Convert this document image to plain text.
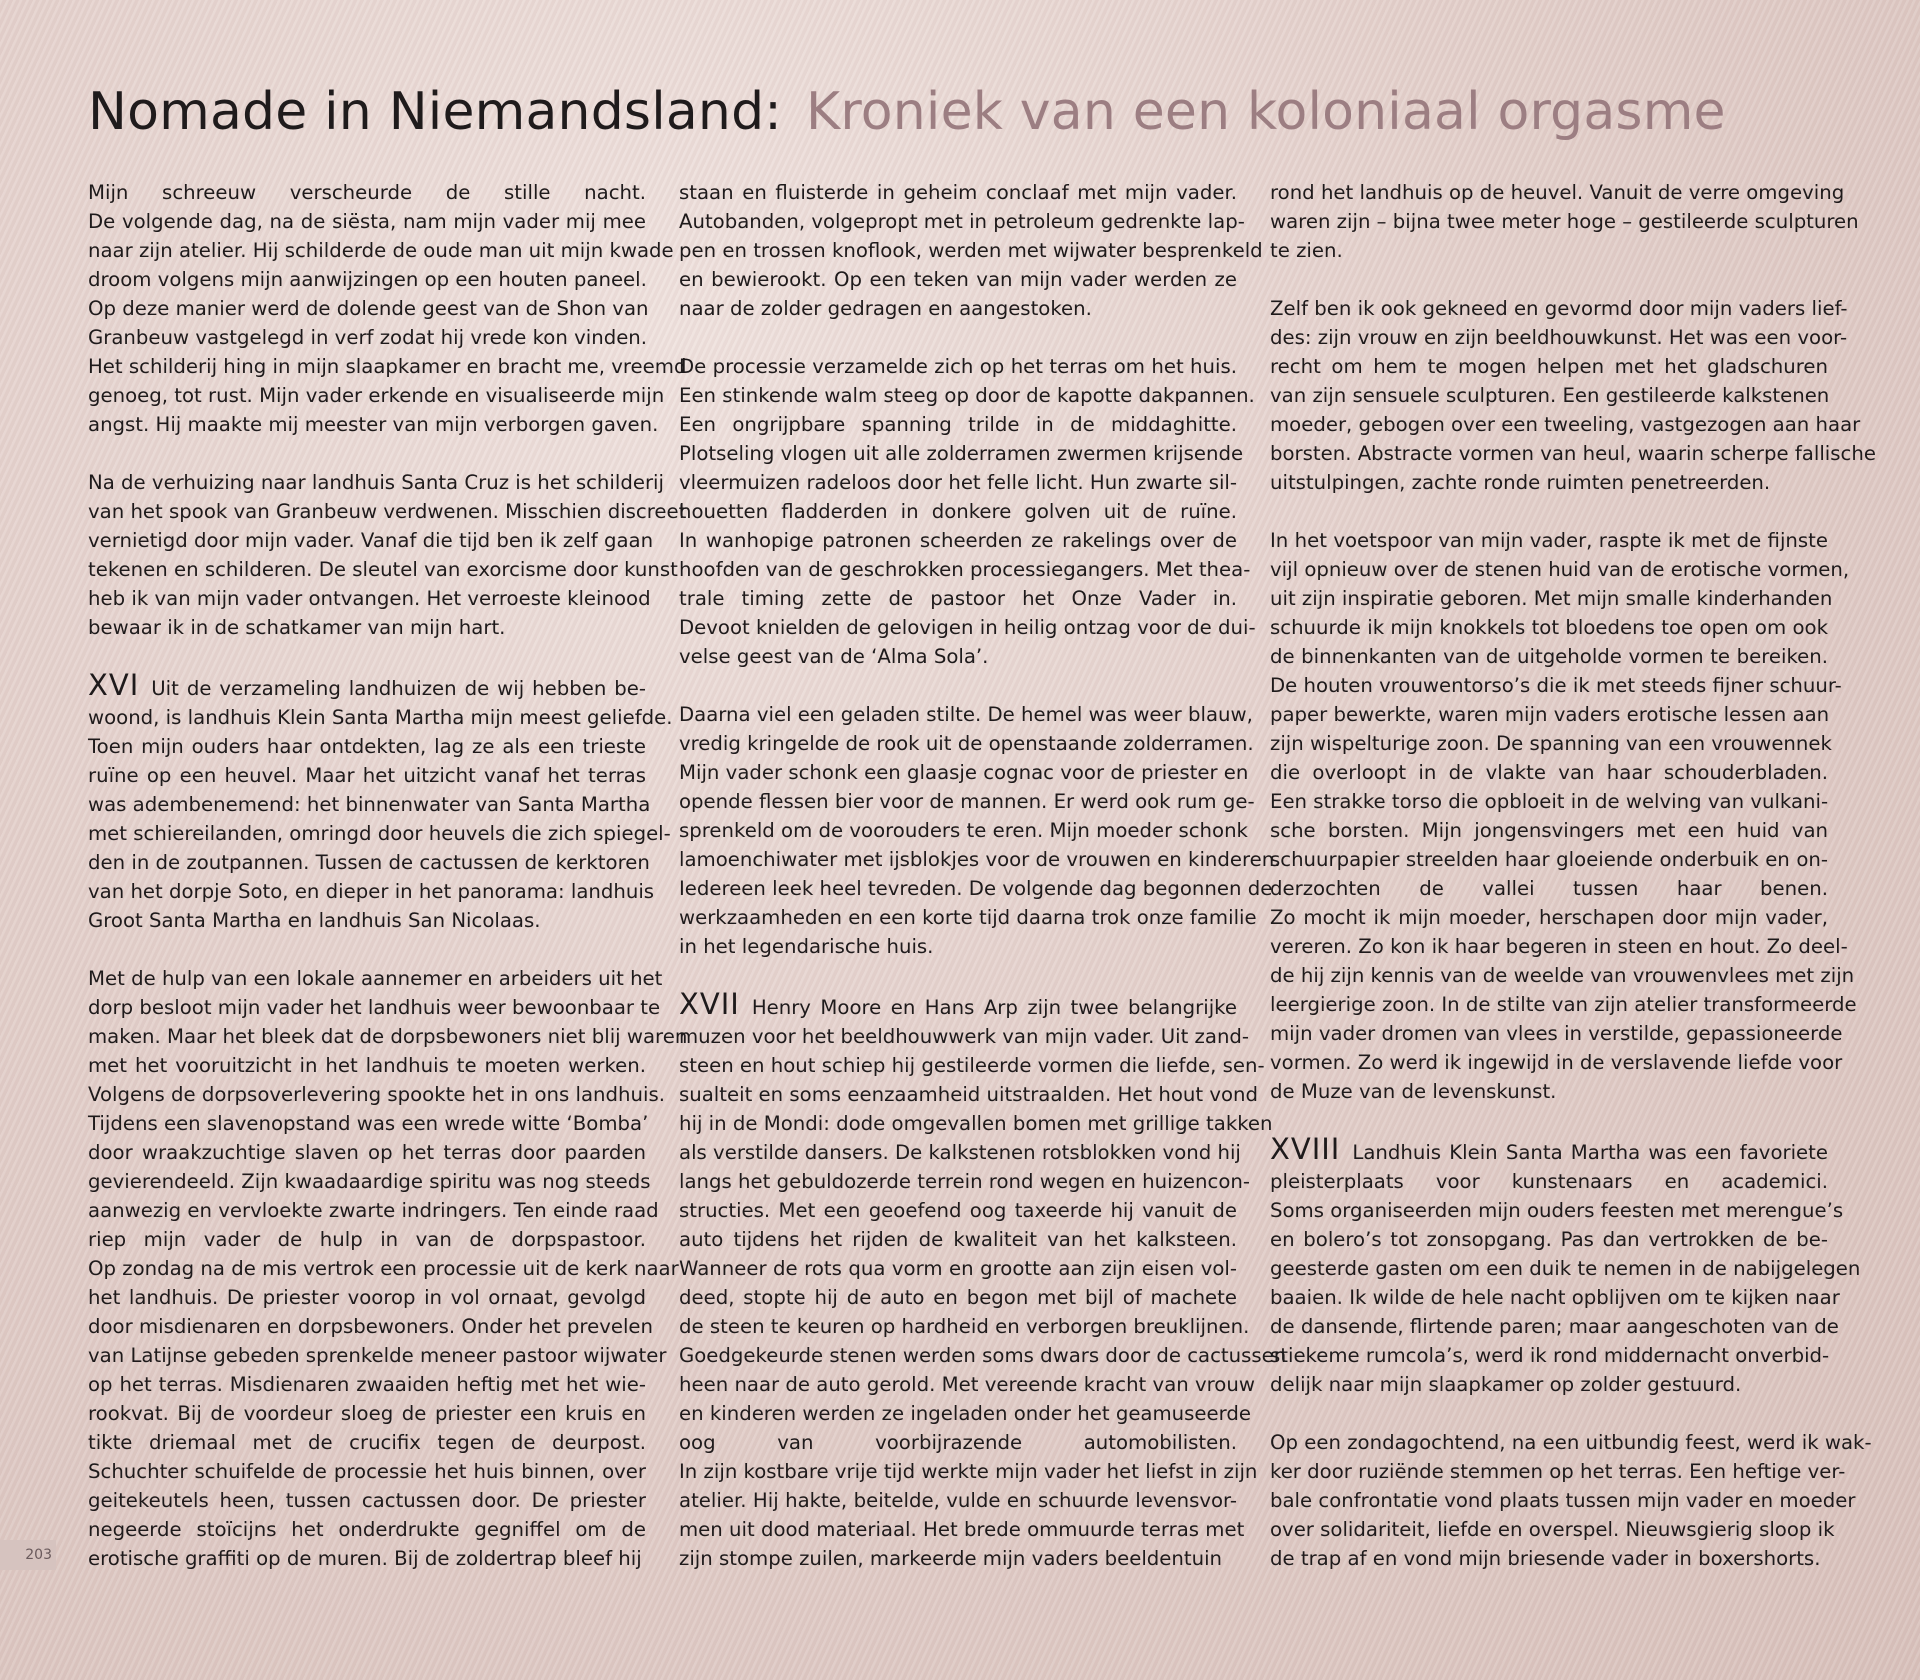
Nomade in Niemandsland: Kroniek van een koloniaal orgasme

Mijn schreeuw verscheurde de stille nacht.
De volgende dag, na de siësta, nam mijn vader mij mee
naar zijn atelier. Hij schilderde de oude man uit mijn kwade
droom volgens mijn aanwijzingen op een houten paneel.
Op deze manier werd de dolende geest van de Shon van
Granbeuw vastgelegd in verf zodat hij vrede kon vinden.
Het schilderij hing in mijn slaapkamer en bracht me, vreemd
genoeg, tot rust. Mijn vader erkende en visualiseerde mijn
angst. Hij maakte mij meester van mijn verborgen gaven.

Na de verhuizing naar landhuis Santa Cruz is het schilderij
van het spook van Granbeuw verdwenen. Misschien discreet
vernietigd door mijn vader. Vanaf die tijd ben ik zelf gaan
tekenen en schilderen. De sleutel van exorcisme door kunst
heb ik van mijn vader ontvangen. Het verroeste kleinood
bewaar ik in de schatkamer van mijn hart.

XVI Uit de verzameling landhuizen de wij hebben be-
woond, is landhuis Klein Santa Martha mijn meest geliefde.
Toen mijn ouders haar ontdekten, lag ze als een trieste
ruïne op een heuvel. Maar het uitzicht vanaf het terras
was adembenemend: het binnenwater van Santa Martha
met schiereilanden, omringd door heuvels die zich spiegel-
den in de zoutpannen. Tussen de cactussen de kerktoren
van het dorpje Soto, en dieper in het panorama: landhuis
Groot Santa Martha en landhuis San Nicolaas.

Met de hulp van een lokale aannemer en arbeiders uit het
dorp besloot mijn vader het landhuis weer bewoonbaar te
maken. Maar het bleek dat de dorpsbewoners niet blij waren
met het vooruitzicht in het landhuis te moeten werken.
Volgens de dorpsoverlevering spookte het in ons landhuis.
Tijdens een slavenopstand was een wrede witte ‘Bomba’
door wraakzuchtige slaven op het terras door paarden
gevierendeeld. Zijn kwaadaardige spiritu was nog steeds
aanwezig en vervloekte zwarte indringers. Ten einde raad
riep mijn vader de hulp in van de dorpspastoor.
Op zondag na de mis vertrok een processie uit de kerk naar
het landhuis. De priester voorop in vol ornaat, gevolgd
door misdienaren en dorpsbewoners. Onder het prevelen
van Latijnse gebeden sprenkelde meneer pastoor wijwater
op het terras. Misdienaren zwaaiden heftig met het wie-
rookvat. Bij de voordeur sloeg de priester een kruis en
tikte driemaal met de crucifix tegen de deurpost.
Schuchter schuifelde de processie het huis binnen, over
geitekeutels heen, tussen cactussen door. De priester
negeerde stoïcijns het onderdrukte gegniffel om de
erotische graffiti op de muren. Bij de zoldertrap bleef hij

staan en fluisterde in geheim conclaaf met mijn vader.
Autobanden, volgepropt met in petroleum gedrenkte lap-
pen en trossen knoflook, werden met wijwater besprenkeld
en bewierookt. Op een teken van mijn vader werden ze
naar de zolder gedragen en aangestoken.

De processie verzamelde zich op het terras om het huis.
Een stinkende walm steeg op door de kapotte dakpannen.
Een ongrijpbare spanning trilde in de middaghitte.
Plotseling vlogen uit alle zolderramen zwermen krijsende
vleermuizen radeloos door het felle licht. Hun zwarte sil-
houetten fladderden in donkere golven uit de ruïne.
In wanhopige patronen scheerden ze rakelings over de
hoofden van de geschrokken processiegangers. Met thea-
trale timing zette de pastoor het Onze Vader in.
Devoot knielden de gelovigen in heilig ontzag voor de dui-
velse geest van de ‘Alma Sola’.

Daarna viel een geladen stilte. De hemel was weer blauw,
vredig kringelde de rook uit de openstaande zolderramen.
Mijn vader schonk een glaasje cognac voor de priester en
opende flessen bier voor de mannen. Er werd ook rum ge-
sprenkeld om de voorouders te eren. Mijn moeder schonk
lamoenchiwater met ijsblokjes voor de vrouwen en kinderen.
Iedereen leek heel tevreden. De volgende dag begonnen de
werkzaamheden en een korte tijd daarna trok onze familie
in het legendarische huis.

XVII Henry Moore en Hans Arp zijn twee belangrijke
muzen voor het beeldhouwwerk van mijn vader. Uit zand-
steen en hout schiep hij gestileerde vormen die liefde, sen-
sualteit en soms eenzaamheid uitstraalden. Het hout vond
hij in de Mondi: dode omgevallen bomen met grillige takken
als verstilde dansers. De kalkstenen rotsblokken vond hij
langs het gebuldozerde terrein rond wegen en huizencon-
structies. Met een geoefend oog taxeerde hij vanuit de
auto tijdens het rijden de kwaliteit van het kalksteen.
Wanneer de rots qua vorm en grootte aan zijn eisen vol-
deed, stopte hij de auto en begon met bijl of machete
de steen te keuren op hardheid en verborgen breuklijnen.
Goedgekeurde stenen werden soms dwars door de cactussen
heen naar de auto gerold. Met vereende kracht van vrouw
en kinderen werden ze ingeladen onder het geamuseerde
oog van voorbijrazende automobilisten.
In zijn kostbare vrije tijd werkte mijn vader het liefst in zijn
atelier. Hij hakte, beitelde, vulde en schuurde levensvor-
men uit dood materiaal. Het brede ommuurde terras met
zijn stompe zuilen, markeerde mijn vaders beeldentuin

rond het landhuis op de heuvel. Vanuit de verre omgeving
waren zijn – bijna twee meter hoge – gestileerde sculpturen
te zien.

Zelf ben ik ook gekneed en gevormd door mijn vaders lief-
des: zijn vrouw en zijn beeldhouwkunst. Het was een voor-
recht om hem te mogen helpen met het gladschuren
van zijn sensuele sculpturen. Een gestileerde kalkstenen
moeder, gebogen over een tweeling, vastgezogen aan haar
borsten. Abstracte vormen van heul, waarin scherpe fallische
uitstulpingen, zachte ronde ruimten penetreerden.

In het voetspoor van mijn vader, raspte ik met de fijnste
vijl opnieuw over de stenen huid van de erotische vormen,
uit zijn inspiratie geboren. Met mijn smalle kinderhanden
schuurde ik mijn knokkels tot bloedens toe open om ook
de binnenkanten van de uitgeholde vormen te bereiken.
De houten vrouwentorso’s die ik met steeds fijner schuur-
paper bewerkte, waren mijn vaders erotische lessen aan
zijn wispelturige zoon. De spanning van een vrouwennek
die overloopt in de vlakte van haar schouderbladen.
Een strakke torso die opbloeit in de welving van vulkani-
sche borsten. Mijn jongensvingers met een huid van
schuurpapier streelden haar gloeiende onderbuik en on-
derzochten de vallei tussen haar benen.
Zo mocht ik mijn moeder, herschapen door mijn vader,
vereren. Zo kon ik haar begeren in steen en hout. Zo deel-
de hij zijn kennis van de weelde van vrouwenvlees met zijn
leergierige zoon. In de stilte van zijn atelier transformeerde
mijn vader dromen van vlees in verstilde, gepassioneerde
vormen. Zo werd ik ingewijd in de verslavende liefde voor
de Muze van de levenskunst.

XVIII Landhuis Klein Santa Martha was een favoriete
pleisterplaats voor kunstenaars en academici.
Soms organiseerden mijn ouders feesten met merengue’s
en bolero’s tot zonsopgang. Pas dan vertrokken de be-
geesterde gasten om een duik te nemen in de nabijgelegen
baaien. Ik wilde de hele nacht opblijven om te kijken naar
de dansende, flirtende paren; maar aangeschoten van de
stiekeme rumcola’s, werd ik rond middernacht onverbid-
delijk naar mijn slaapkamer op zolder gestuurd.

Op een zondagochtend, na een uitbundig feest, werd ik wak-
ker door ruziënde stemmen op het terras. Een heftige ver-
bale confrontatie vond plaats tussen mijn vader en moeder
over solidariteit, liefde en overspel. Nieuwsgierig sloop ik
de trap af en vond mijn briesende vader in boxershorts.

203
